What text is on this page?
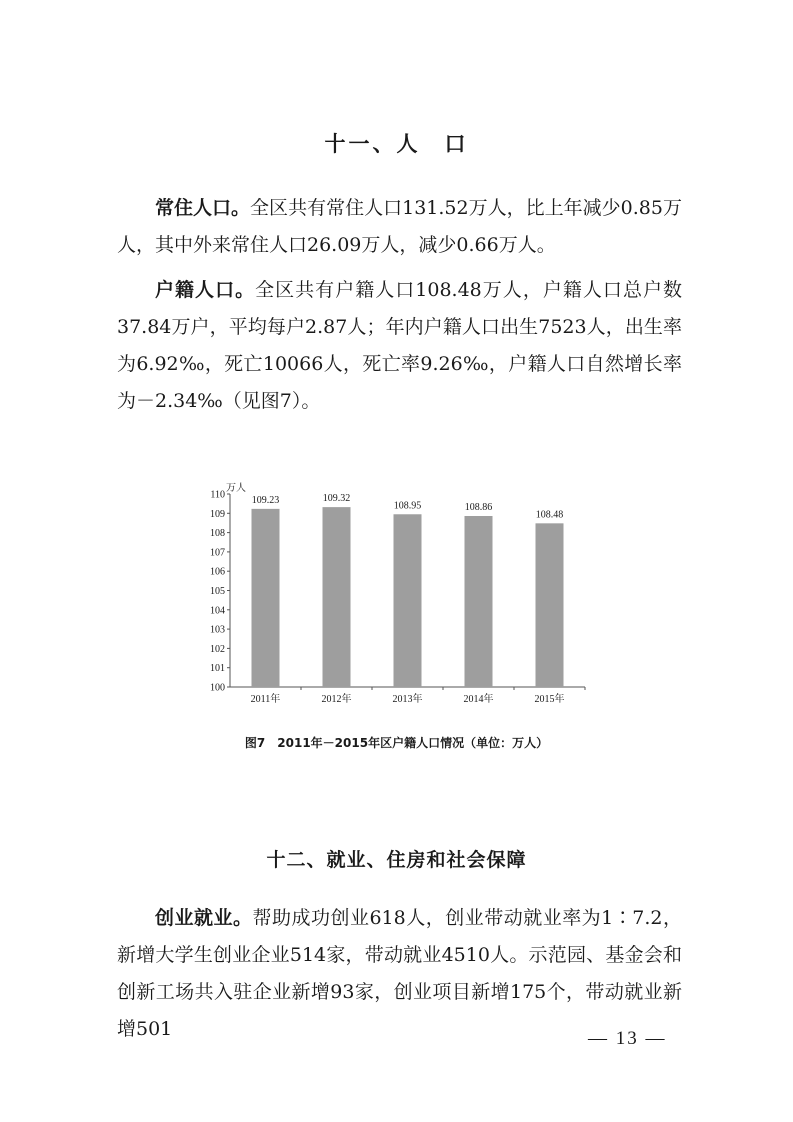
十一、人　口

常住人口。全区共有常住人口131.52万人，比上年减少0.85万人，其中外来常住人口26.09万人，减少0.66万人。

户籍人口。全区共有户籍人口108.48万人，户籍人口总户数37.84万户，平均每户2.87人；年内户籍人口出生7523人，出生率为6.92‰，死亡10066人，死亡率9.26‰，户籍人口自然增长率为－2.34‰（见图7）。

100
101
102
103
104
105
106
107
108
109
110
万人
109.23
2011年
109.32
2012年
108.95
2013年
108.86
2014年
108.48
2015年
图7　2011年－2015年区户籍人口情况（单位：万人）
十二、就业、住房和社会保障

创业就业。帮助成功创业618人，创业带动就业率为1∶7.2，新增大学生创业企业514家，带动就业4510人。示范园、基金会和创新工场共入驻企业新增93家，创业项目新增175个，带动就业新增501	— 13 —
